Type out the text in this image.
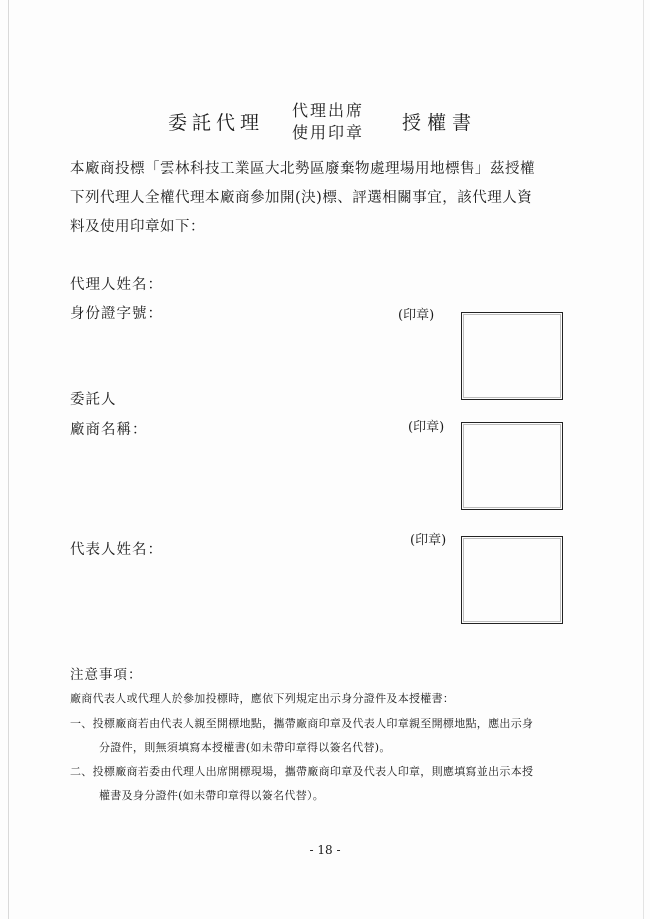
委託代理
代理出席
使用印章 授權書
本廠商投標「雲林科技工業區大北勢區廢棄物處理場用地標售」茲授權
下列代理人全權代理本廠商參加開(決)標、評選相關事宜，該代理人資
料及使用印章如下：
代理人姓名：
身份證字號：	(印章)
委託人
廠商名稱：	(印章)
代表人姓名：
(印章)
注意事項：
廠商代表人或代理人於參加投標時，應依下列規定出示身分證件及本授權書：
一、投標廠商若由代表人親至開標地點，攜帶廠商印章及代表人印章親至開標地點，應出示身
分證件，則無須填寫本授權書(如未帶印章得以簽名代替)。
二、投標廠商若委由代理人出席開標現場，攜帶廠商印章及代表人印章，則應填寫並出示本授
權書及身分證件(如未帶印章得以簽名代替）。
- 18 -
